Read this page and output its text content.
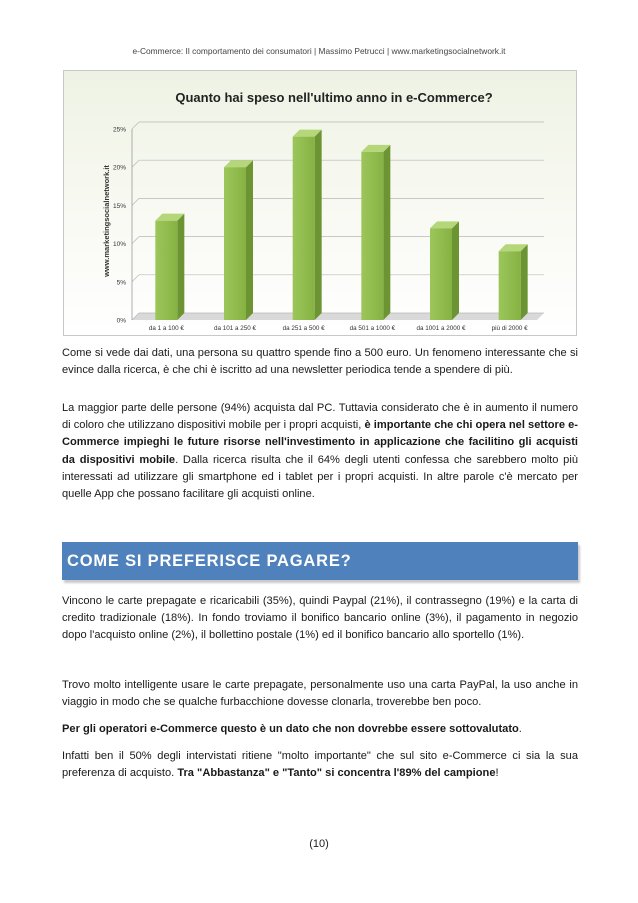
e-Commerce: Il comportamento dei consumatori | Massimo Petrucci | www.marketingsocialnetwork.it
Quanto hai speso nell'ultimo anno in e-Commerce?
www.marketingsocialnetwork.it
0%
5%
10%
15%
20%
25%
da 1 a 100 €	da 101 a 250 €	da 251 a 500 €	da 501 a 1000 €	da 1001 a 2000 €	più di 2000 €

Come si vede dai dati, una persona su quattro spende fino a 500 euro. Un fenomeno interessante che si evince dalla ricerca, è che chi è iscritto ad una newsletter periodica tende a spendere di più.

La maggior parte delle persone (94%) acquista dal PC. Tuttavia considerato che è in aumento il numero di coloro che utilizzano dispositivi mobile per i propri acquisti, è importante che chi opera nel settore e-Commerce impieghi le future risorse nell'investimento in applicazione che facilitino gli acquisti da dispositivi mobile. Dalla ricerca risulta che il 64% degli utenti confessa che sarebbero molto più interessati ad utilizzare gli smartphone ed i tablet per i propri acquisti. In altre parole c'è mercato per quelle App che possano facilitare gli acquisti online.

COME SI PREFERISCE PAGARE?

Vincono le carte prepagate e ricaricabili (35%), quindi Paypal (21%), il contrassegno (19%) e la carta di credito tradizionale (18%). In fondo troviamo il bonifico bancario online (3%), il pagamento in negozio dopo l'acquisto online (2%), il bollettino postale (1%) ed il bonifico bancario allo sportello (1%).

Trovo molto intelligente usare le carte prepagate, personalmente uso una carta PayPal, la uso anche in viaggio in modo che se qualche furbacchione dovesse clonarla, troverebbe ben poco.

Per gli operatori e-Commerce questo è un dato che non dovrebbe essere sottovalutato.

Infatti ben il 50% degli intervistati ritiene "molto importante" che sul sito e-Commerce ci sia la sua preferenza di acquisto. Tra "Abbastanza" e "Tanto" si concentra l'89% del campione!

(10)
